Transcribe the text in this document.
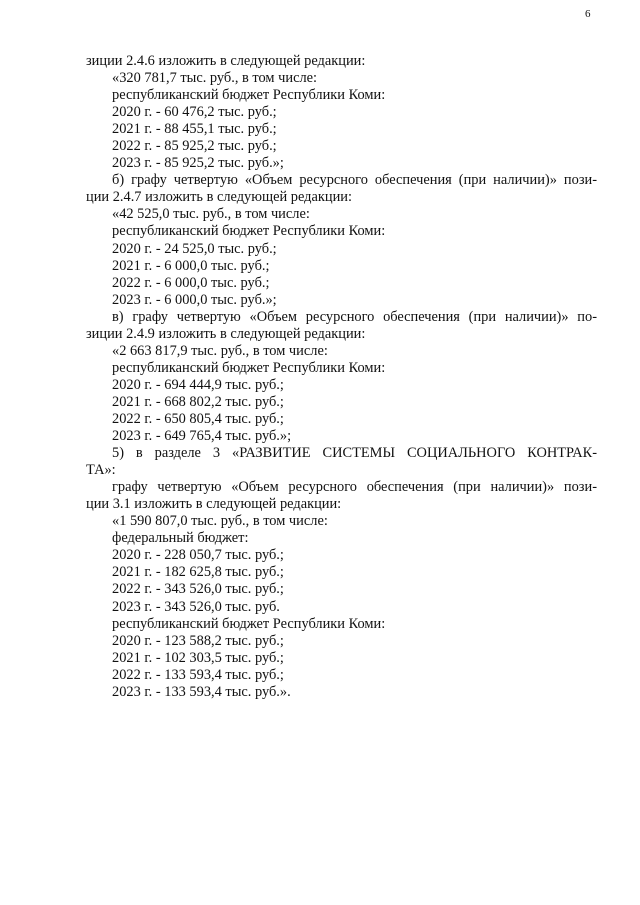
6
зиции 2.4.6 изложить в следующей редакции:
«320 781,7 тыс. руб., в том числе:
республиканский бюджет Республики Коми:
2020 г. - 60 476,2 тыс. руб.;
2021 г. - 88 455,1 тыс. руб.;
2022 г. - 85 925,2 тыс. руб.;
2023 г. - 85 925,2 тыс. руб.»;
б) графу четвертую «Объем ресурсного обеспечения (при наличии)» пози-
ции 2.4.7 изложить в следующей редакции:
«42 525,0 тыс. руб., в том числе:
республиканский бюджет Республики Коми:
2020 г. - 24 525,0 тыс. руб.;
2021 г. - 6 000,0 тыс. руб.;
2022 г. - 6 000,0 тыс. руб.;
2023 г. - 6 000,0 тыс. руб.»;
в) графу четвертую «Объем ресурсного обеспечения (при наличии)» по-
зиции 2.4.9 изложить в следующей редакции:
«2 663 817,9 тыс. руб., в том числе:
республиканский бюджет Республики Коми:
2020 г. - 694 444,9 тыс. руб.;
2021 г. - 668 802,2 тыс. руб.;
2022 г. - 650 805,4 тыс. руб.;
2023 г. - 649 765,4 тыс. руб.»;
5) в разделе 3 «РАЗВИТИЕ СИСТЕМЫ СОЦИАЛЬНОГО КОНТРАК-
ТА»:
графу четвертую «Объем ресурсного обеспечения (при наличии)» пози-
ции 3.1 изложить в следующей редакции:
«1 590 807,0 тыс. руб., в том числе:
федеральный бюджет:
2020 г. - 228 050,7 тыс. руб.;
2021 г. - 182 625,8 тыс. руб.;
2022 г. - 343 526,0 тыс. руб.;
2023 г. - 343 526,0 тыс. руб.
республиканский бюджет Республики Коми:
2020 г. - 123 588,2 тыс. руб.;
2021 г. - 102 303,5 тыс. руб.;
2022 г. - 133 593,4 тыс. руб.;
2023 г. - 133 593,4 тыс. руб.».
